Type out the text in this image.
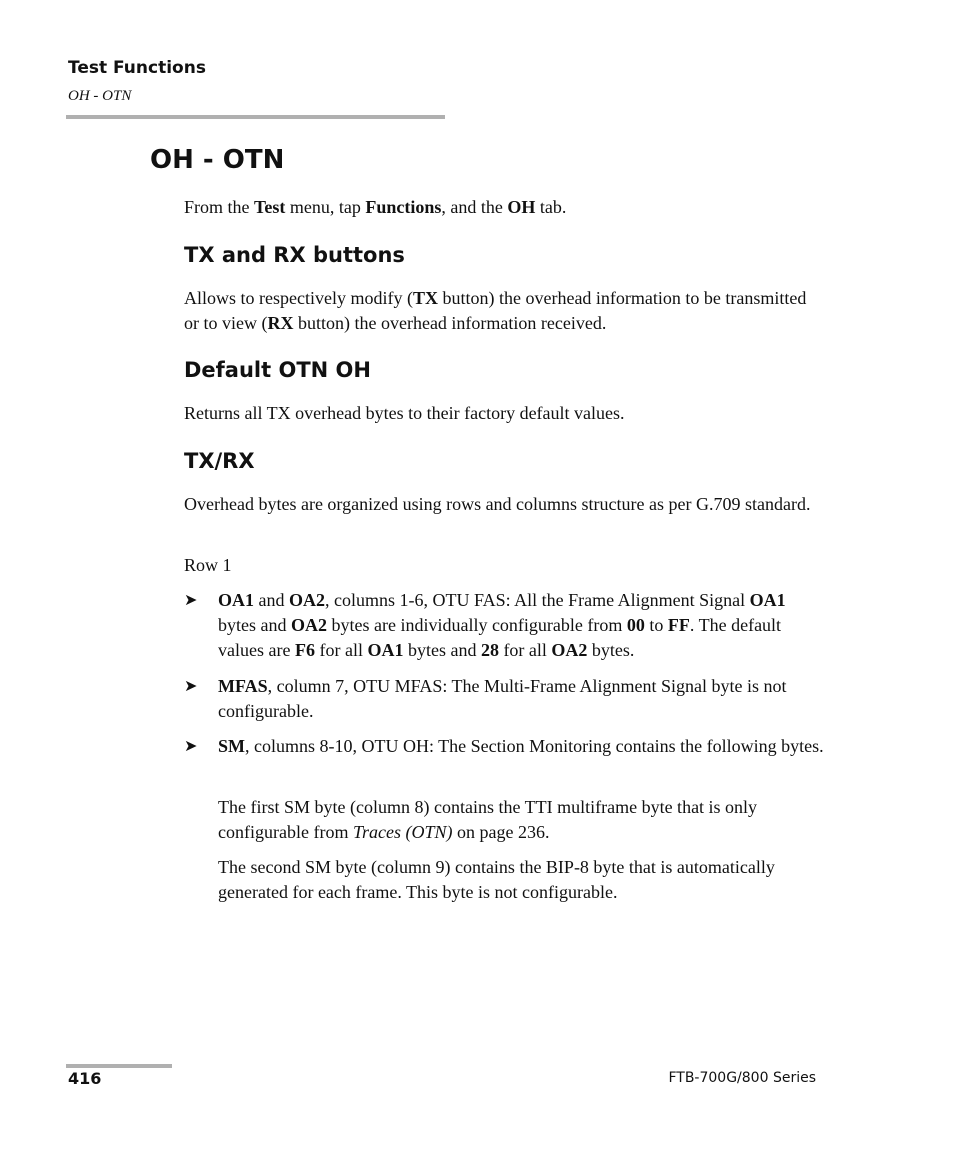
Test Functions
OH - OTN
OH - OTN
From the Test menu, tap Functions, and the OH tab.
TX and RX buttons
Allows to respectively modify (TX button) the overhead information to be transmitted or to view (RX button) the overhead information received.
Default OTN OH
Returns all TX overhead bytes to their factory default values.
TX/RX
Overhead bytes are organized using rows and columns structure as per G.709 standard.
Row 1
➤ OA1 and OA2, columns 1-6, OTU FAS: All the Frame Alignment Signal OA1 bytes and OA2 bytes are individually configurable from 00 to FF. The default values are F6 for all OA1 bytes and 28 for all OA2 bytes.
➤ MFAS, column 7, OTU MFAS: The Multi-Frame Alignment Signal byte is not configurable.
➤ SM, columns 8-10, OTU OH: The Section Monitoring contains the following bytes.
The first SM byte (column 8) contains the TTI multiframe byte that is only configurable from Traces (OTN) on page 236.
The second SM byte (column 9) contains the BIP-8 byte that is automatically generated for each frame. This byte is not configurable.
416	FTB-700G/800 Series
